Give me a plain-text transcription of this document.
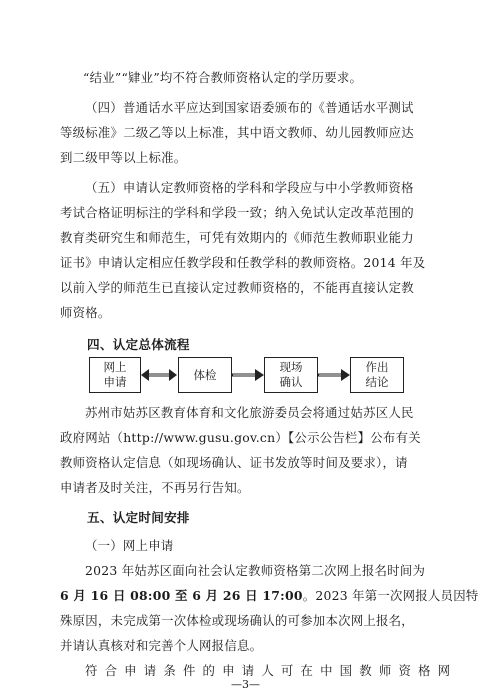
“结业”“肄业”均不符合教师资格认定的学历要求。
（四）普通话水平应达到国家语委颁布的《普通话水平测试
等级标准》二级乙等以上标准，其中语文教师、幼儿园教师应达
到二级甲等以上标准。
（五）申请认定教师资格的学科和学段应与中小学教师资格
考试合格证明标注的学科和学段一致；纳入免试认定改革范围的
教育类研究生和师范生，可凭有效期内的《师范生教师职业能力
证书》申请认定相应任教学段和任教学科的教师资格。2014 年及
以前入学的师范生已直接认定过教师资格的，不能再直接认定教
师资格。
四、认定总体流程
网上
申请
体检
现场
确认
作出
结论
苏州市姑苏区教育体育和文化旅游委员会将通过姑苏区人民
政府网站（http://www.gusu.gov.cn）【公示公告栏】公布有关
教师资格认定信息（如现场确认、证书发放等时间及要求），请
申请者及时关注，不再另行告知。
五、认定时间安排
（一）网上申请
2023 年姑苏区面向社会认定教师资格第二次网上报名时间为
6 月 16 日 08:00 至 6 月 26 日 17:00。2023 年第一次网报人员因特
殊原因，未完成第一次体检或现场确认的可参加本次网上报名，
并请认真核对和完善个人网报信息。
符合申请条件的申请人可在中国教师资格网
—3—
